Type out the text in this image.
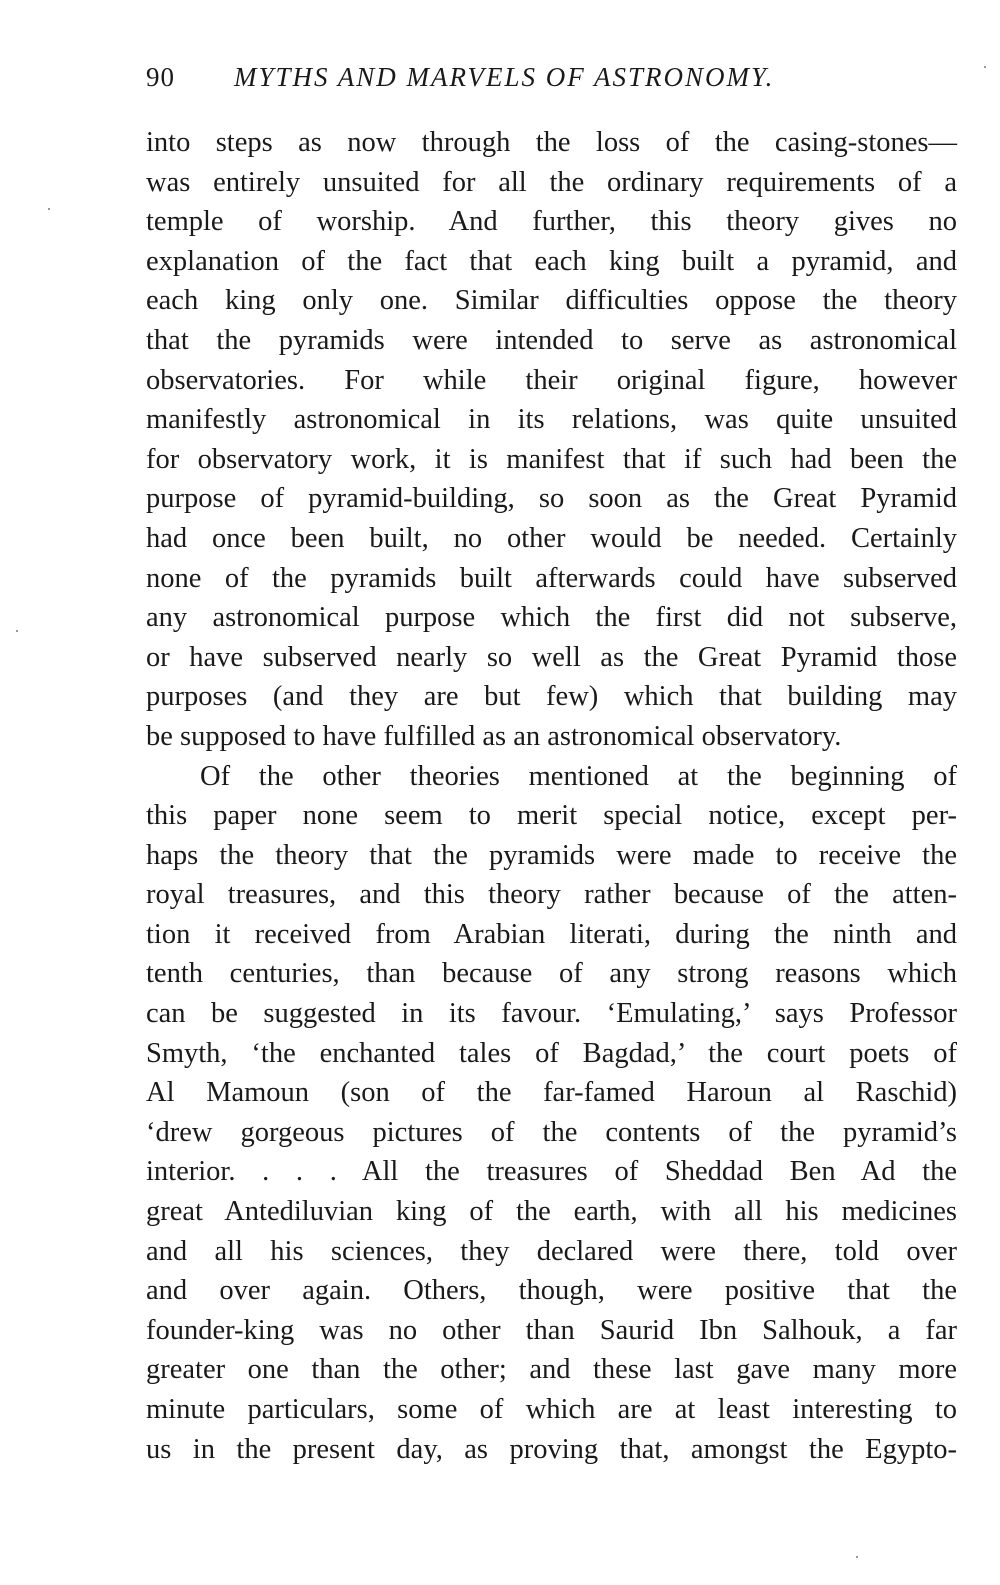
90 MYTHS AND MARVELS OF ASTRONOMY.
into steps as now through the loss of the casing-stones—
was entirely unsuited for all the ordinary requirements of a
temple of worship. And further, this theory gives no
explanation of the fact that each king built a pyramid, and
each king only one. Similar difficulties oppose the theory
that the pyramids were intended to serve as astronomical
observatories. For while their original figure, however
manifestly astronomical in its relations, was quite unsuited
for observatory work, it is manifest that if such had been the
purpose of pyramid-building, so soon as the Great Pyramid
had once been built, no other would be needed. Certainly
none of the pyramids built afterwards could have subserved
any astronomical purpose which the first did not subserve,
or have subserved nearly so well as the Great Pyramid those
purposes (and they are but few) which that building may
be supposed to have fulfilled as an astronomical observatory.
Of the other theories mentioned at the beginning of
this paper none seem to merit special notice, except per-
haps the theory that the pyramids were made to receive the
royal treasures, and this theory rather because of the atten-
tion it received from Arabian literati, during the ninth and
tenth centuries, than because of any strong reasons which
can be suggested in its favour. ‘Emulating,’ says Professor
Smyth, ‘the enchanted tales of Bagdad,’ the court poets of
Al Mamoun (son of the far-famed Haroun al Raschid)
‘drew gorgeous pictures of the contents of the pyramid’s
interior. . . . All the treasures of Sheddad Ben Ad the
great Antediluvian king of the earth, with all his medicines
and all his sciences, they declared were there, told over
and over again. Others, though, were positive that the
founder-king was no other than Saurid Ibn Salhouk, a far
greater one than the other; and these last gave many more
minute particulars, some of which are at least interesting to
us in the present day, as proving that, amongst the Egypto-
